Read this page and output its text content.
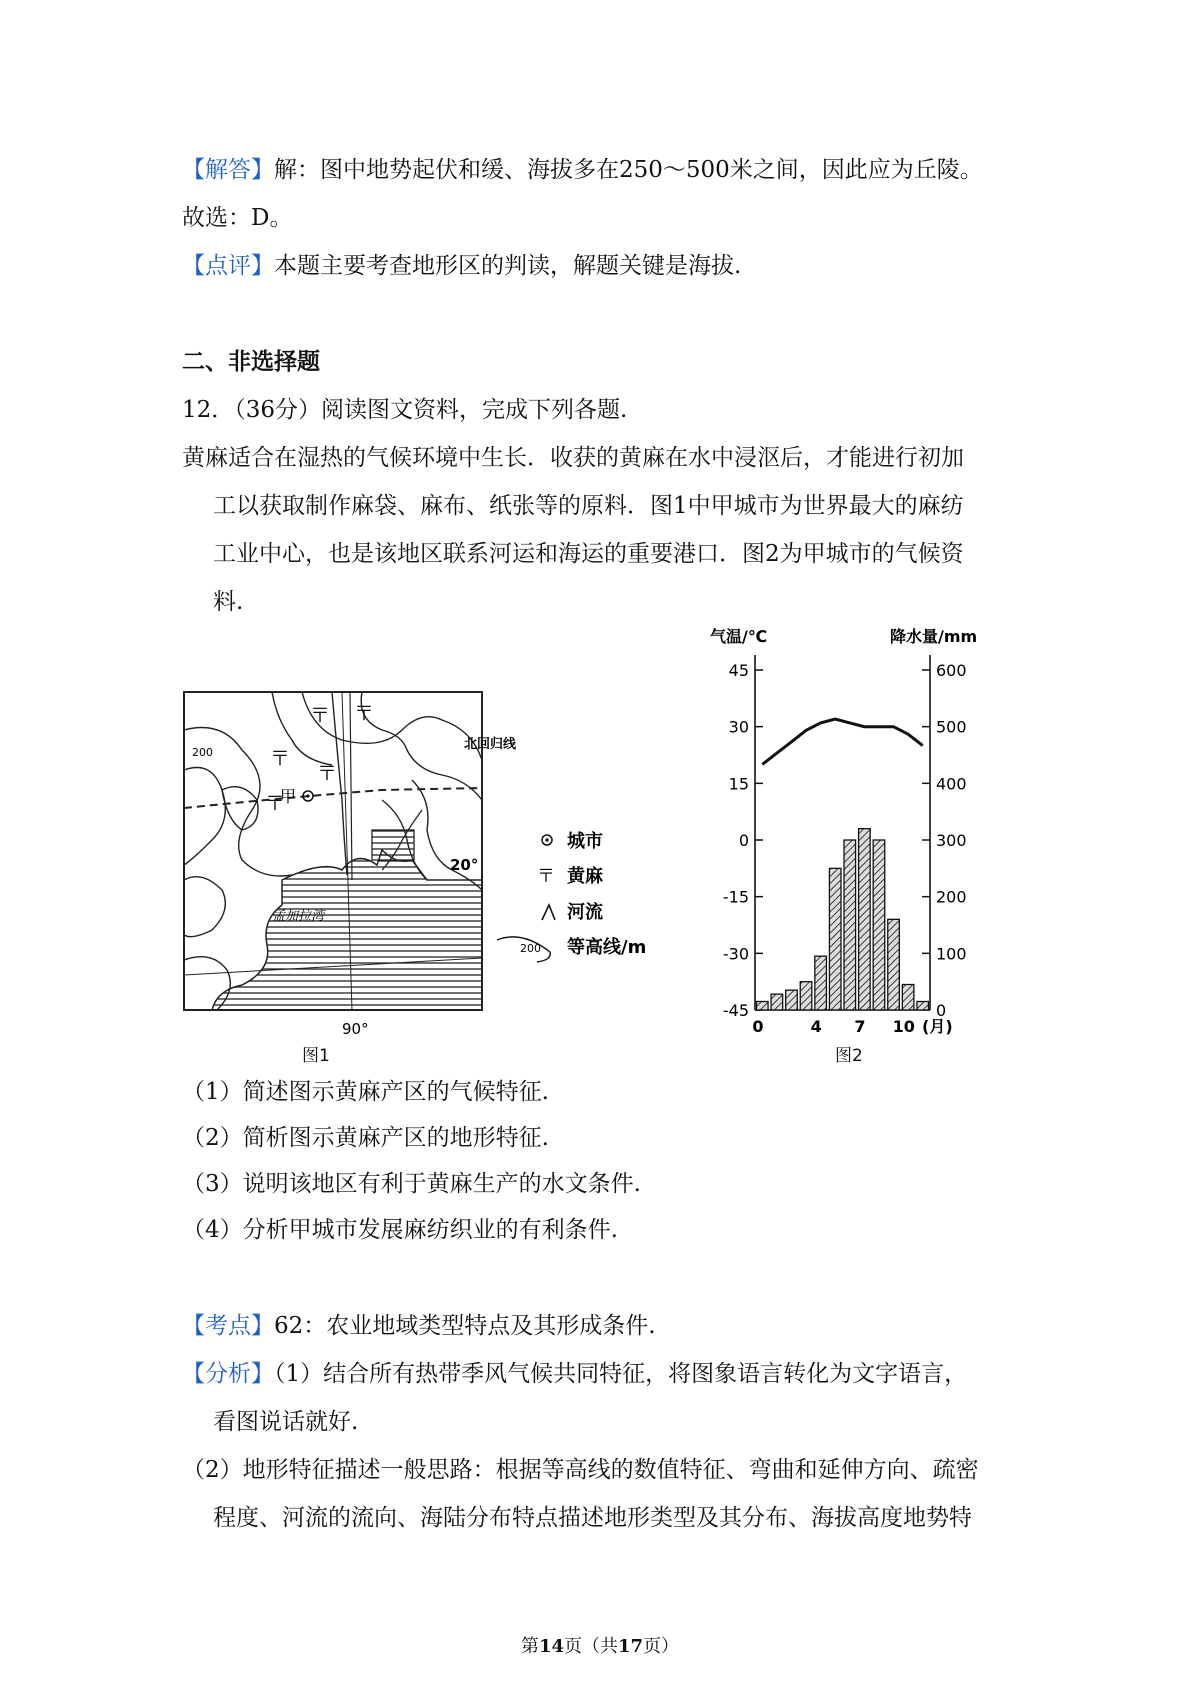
【解答】解：图中地势起伏和缓、海拔多在250～500米之间，因此应为丘陵。
故选：D。
【点评】本题主要考查地形区的判读，解题关键是海拔.
二、非选择题
12．（36分）阅读图文资料，完成下列各题.
黄麻适合在湿热的气候环境中生长．收获的黄麻在水中浸沤后，才能进行初加
工以获取制作麻袋、麻布、纸张等的原料．图1中甲城市为世界最大的麻纺
工业中心，也是该地区联系河运和海运的重要港口．图2为甲城市的气候资
料.
200
〒 〒
〒
〒
〒
甲
孟加拉湾
北回归线
20°
90°
城市
〒 黄麻
河流
200 等高线/m
图1
气温/℃	降水量/mm
45
30
15
0
-15
-30
-45
600
500
400
300
200
100
0
0	4 7 10 (月)
图2
（1）简述图示黄麻产区的气候特征.
（2）简析图示黄麻产区的地形特征.
（3）说明该地区有利于黄麻生产的水文条件.
（4）分析甲城市发展麻纺织业的有利条件.
【考点】62：农业地域类型特点及其形成条件.
【分析】（1）结合所有热带季风气候共同特征，将图象语言转化为文字语言，
看图说话就好.
（2）地形特征描述一般思路：根据等高线的数值特征、弯曲和延伸方向、疏密
程度、河流的流向、海陆分布特点描述地形类型及其分布、海拔高度地势特
第14页（共17页）
